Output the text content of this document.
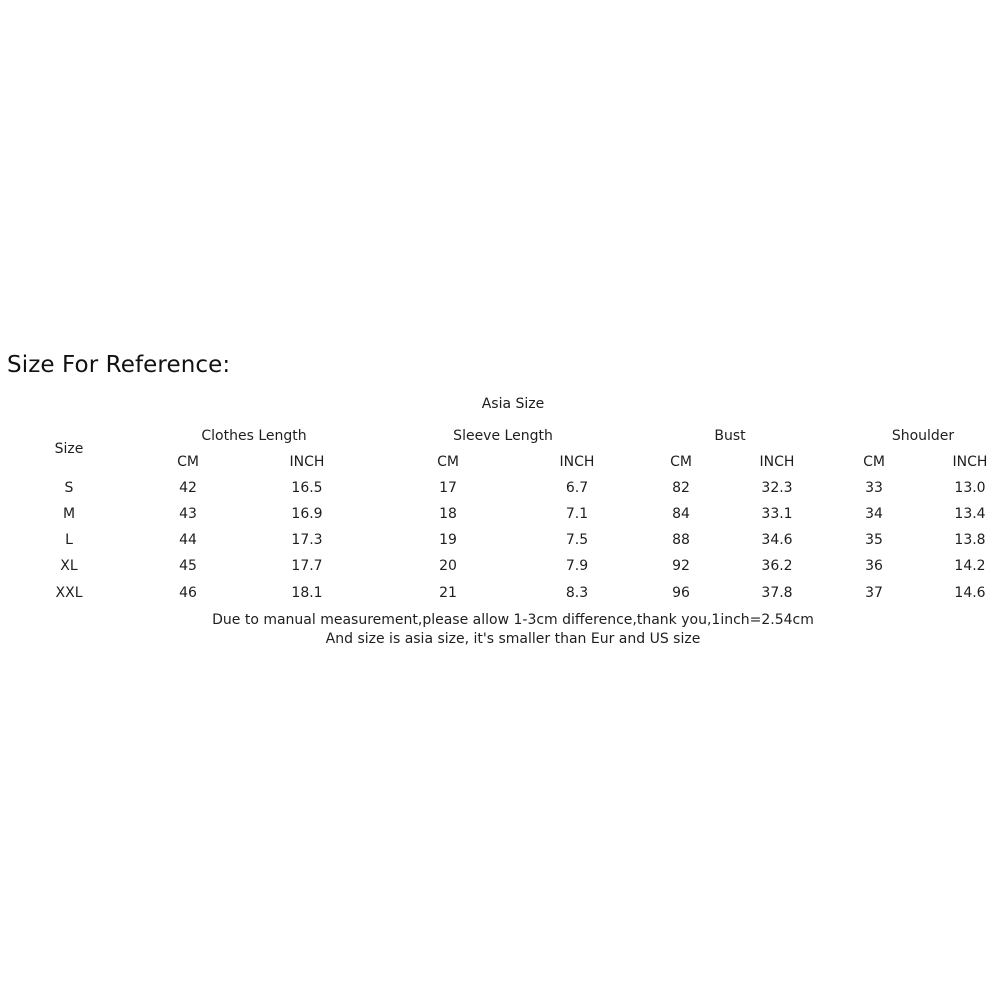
Size For Reference:
Asia Size
Size
Clothes Length	Sleeve Length	Bust	Shoulder
CM	INCH	CM	INCH	CM	INCH	CM	INCH
S	42	16.5	17	6.7	82	32.3	33	13.0
M	43	16.9	18	7.1	84	33.1	34	13.4
L	44	17.3	19	7.5	88	34.6	35	13.8
XL	45	17.7	20	7.9	92	36.2	36	14.2
XXL	46	18.1	21	8.3	96	37.8	37	14.6
Due to manual measurement,please allow 1-3cm difference,thank you,1inch=2.54cm
And size is asia size, it's smaller than Eur and US size
